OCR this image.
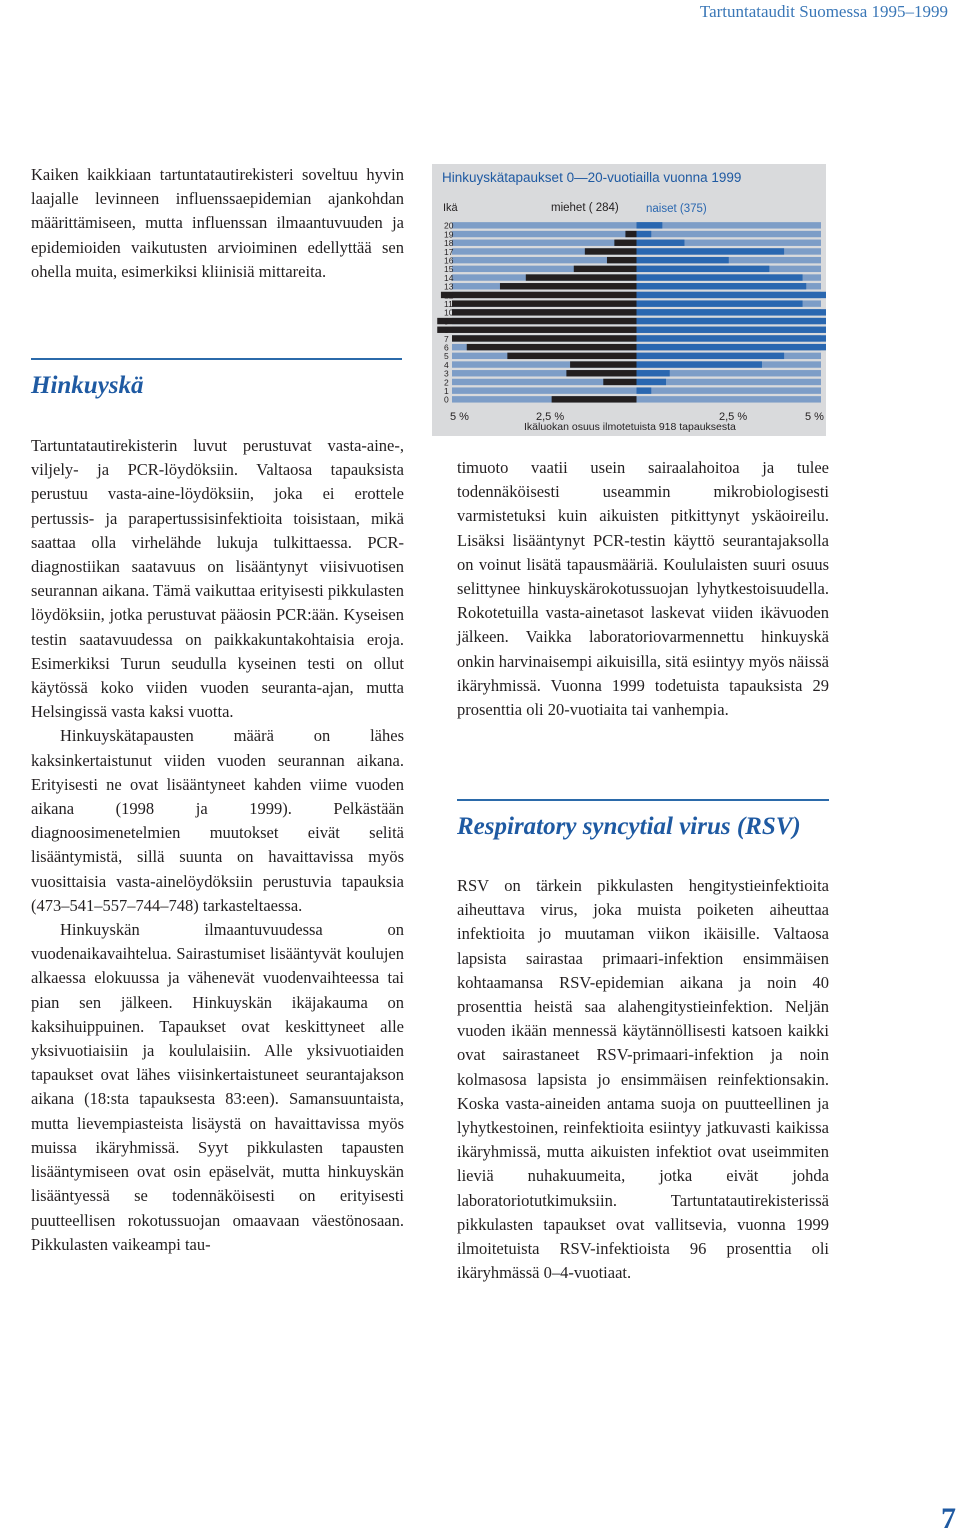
Tartuntataudit Suomessa 1995–1999

Kaiken kaikkiaan tartuntatautirekisteri soveltuu hyvin laajalle levinneen influenssaepidemian ajankohdan määrittämiseen, mutta influenssan ilmaantuvuuden ja epidemioiden vaikutusten arvioiminen edellyttää sen ohella muita, esimerkiksi kliinisiä mittareita.

Hinkuyskä

Tartuntatautirekisterin luvut perustuvat vasta-aine-, viljely- ja PCR-löydöksiin. Valtaosa tapauksista perustuu vasta-aine-löydöksiin, joka ei erottele pertussis- ja parapertussisinfektioita toisistaan, mikä saattaa olla virhelähde lukuja tulkittaessa. PCR-diagnostiikan saatavuus on lisääntynyt viisivuotisen seurannan aikana. Tämä vaikuttaa erityisesti pikkulasten löydöksiin, jotka perustuvat pääosin PCR:ään. Kyseisen testin saatavuudessa on paikkakuntakohtaisia eroja. Esimerkiksi Turun seudulla kyseinen testi on ollut käytössä koko viiden vuoden seuranta-ajan, mutta Helsingissä vasta kaksi vuotta.

Hinkuyskätapausten määrä on lähes kaksinkertaistunut viiden vuoden seurannan aikana. Erityisesti ne ovat lisääntyneet kahden viime vuoden aikana (1998 ja 1999). Pelkästään diagnoosimenetelmien muutokset eivät selitä lisääntymistä, sillä suunta on havaittavissa myös vuosittaisia vasta-ainelöydöksiin perustuvia tapauksia (473–541–557–744–748) tarkasteltaessa.

Hinkuyskän ilmaantuvuudessa on vuodenaikavaihtelua. Sairastumiset lisääntyvät koulujen alkaessa elokuussa ja vähenevät vuodenvaihteessa tai pian sen jälkeen. Hinkuyskän ikäjakauma on kaksihuippuinen. Tapaukset ovat keskittyneet alle yksivuotiaisiin ja koululaisiin. Alle yksivuotiaiden tapaukset ovat lähes viisinkertaistuneet seurantajakson aikana (18:sta tapauksesta 83:een). Samansuuntaista, mutta lievempiasteista lisäystä on havaittavissa myös muissa ikäryhmissä. Syyt pikkulasten tapausten lisääntymiseen ovat osin epäselvät, mutta hinkuyskän lisääntyessä se todennäköisesti on erityisesti puutteellisen rokotussuojan omaavaan väestönosaan. Pikkulasten vaikeampi tau-

Hinkuyskätapaukset 0—20-vuotiailla vuonna 1999
Ikä	miehet ( 284) naiset (375)
20
19
18
17
16
15
14
13
12
11
10
9
8
7
6
5
4
3
2
1
0
5 %	2,5 %	2,5 %	5 %
Ikäluokan osuus ilmotetuista 918 tapauksesta

timuoto vaatii usein sairaalahoitoa ja tulee todennäköisesti useammin mikrobiologisesti varmistetuksi kuin aikuisten pitkittynyt yskäoireilu. Lisäksi lisääntynyt PCR-testin käyttö seurantajaksolla on voinut lisätä tapausmääriä. Koululaisten suuri osuus selittynee hinkuyskärokotussuojan lyhytkestoisuudella. Rokotetuilla vasta-ainetasot laskevat viiden ikävuoden jälkeen. Vaikka laboratoriovarmennettu hinkuyskä onkin harvinaisempi aikuisilla, sitä esiintyy myös näissä ikäryhmissä. Vuonna 1999 todetuista tapauksista 29 prosenttia oli 20-vuotiaita tai vanhempia.

Respiratory syncytial virus (RSV)

RSV on tärkein pikkulasten hengitystieinfektioita aiheuttava virus, joka muista poiketen aiheuttaa infektioita jo muutaman viikon ikäisille. Valtaosa lapsista sairastaa primaari-infektion ensimmäisen kohtaamansa RSV-epidemian aikana ja noin 40 prosenttia heistä saa alahengitystieinfektion. Neljän vuoden ikään mennessä käytännöllisesti katsoen kaikki ovat sairastaneet RSV-primaari-infektion ja noin kolmasosa lapsista jo ensimmäisen reinfektionsakin. Koska vasta-aineiden antama suoja on puutteellinen ja lyhytkestoinen, reinfektioita esiintyy jatkuvasti kaikissa ikäryhmissä, mutta aikuisten infektiot ovat useimmiten lieviä nuhakuumeita, jotka eivät johda laboratoriotutkimuksiin. Tartuntatautirekisterissä pikkulasten tapaukset ovat vallitsevia, vuonna 1999 ilmoitetuista RSV-infektioista 96 prosenttia oli ikäryhmässä 0–4-vuotiaat.

7
